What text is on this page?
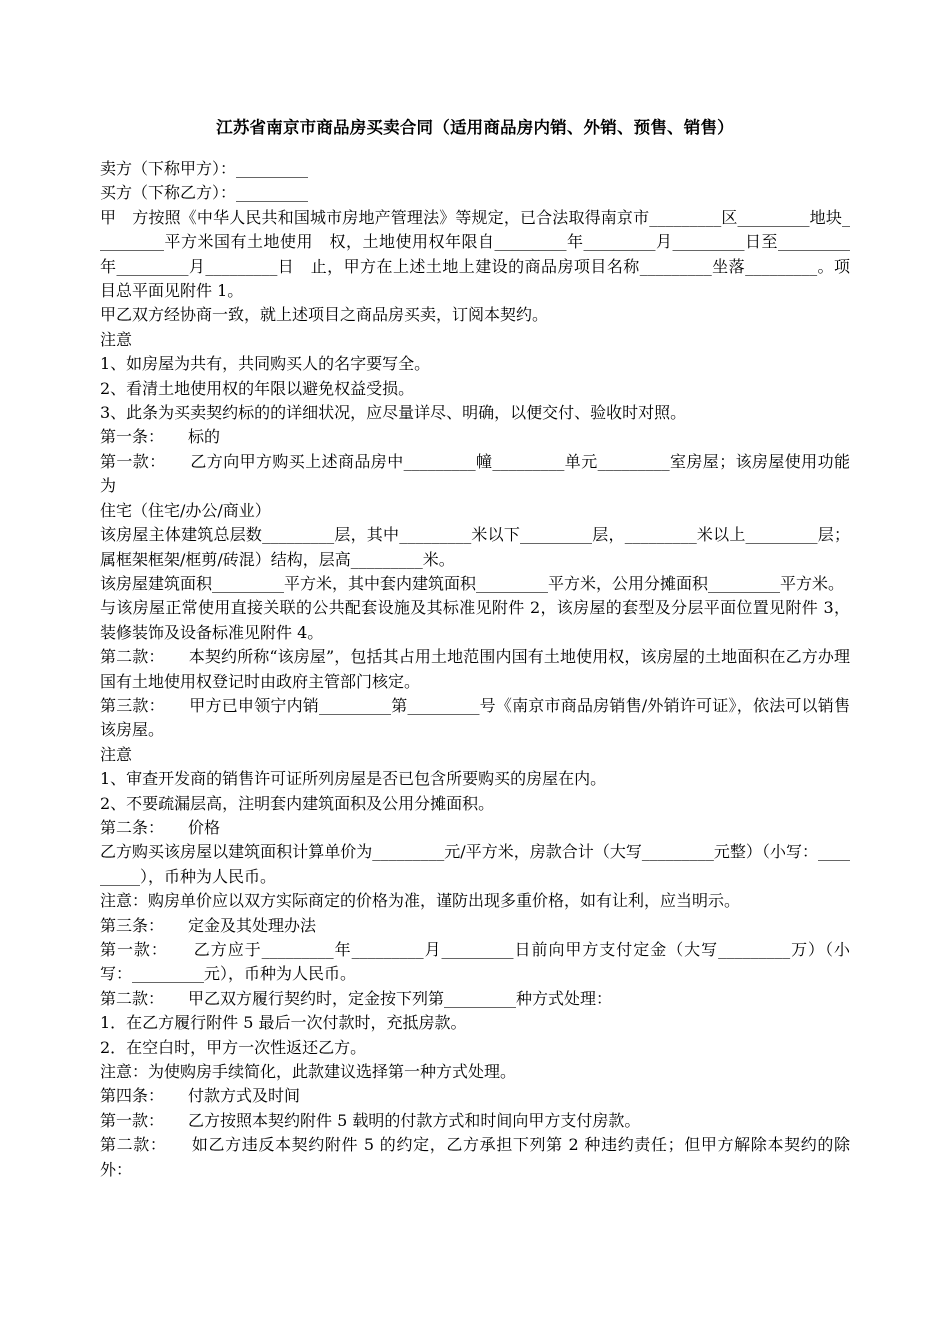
江苏省南京市商品房买卖合同（适用商品房内销、外销、预售、销售）

卖方（下称甲方）：_________

买方（下称乙方）：_________

甲　方按照《中华人民共和国城市房地产管理法》等规定，已合法取得南京市_________区_________地块_________平方米国有土地使用　权，土地使用权年限自_________年_________月_________日至_________年_________月_________日　止，甲方在上述土地上建设的商品房项目名称_________坐落_________。项目总平面见附件 1。

甲乙双方经协商一致，就上述项目之商品房买卖，订阅本契约。

注意

1、如房屋为共有，共同购买人的名字要写全。

2、看清土地使用权的年限以避免权益受损。

3、此条为买卖契约标的的详细状况，应尽量详尽、明确，以便交付、验收时对照。

第一条：　　标的

第一款：　　乙方向甲方购买上述商品房中_________幢_________单元_________室房屋；该房屋使用功能为

住宅（住宅/办公/商业）

该房屋主体建筑总层数_________层，其中_________米以下_________层，_________米以上_________层；属框架框架/框剪/砖混）结构，层高_________米。

该房屋建筑面积_________平方米，其中套内建筑面积_________平方米，公用分摊面积_________平方米。

与该房屋正常使用直接关联的公共配套设施及其标准见附件 2，该房屋的套型及分层平面位置见附件 3，装修装饰及设备标准见附件 4。

第二款：　　本契约所称“该房屋”，包括其占用土地范围内国有土地使用权，该房屋的土地面积在乙方办理国有土地使用权登记时由政府主管部门核定。

第三款：　　甲方已申领宁内销_________第_________号《南京市商品房销售/外销许可证》，依法可以销售该房屋。

注意

1、审查开发商的销售许可证所列房屋是否已包含所要购买的房屋在内。

2、不要疏漏层高，注明套内建筑面积及公用分摊面积。

第二条：　　价格

乙方购买该房屋以建筑面积计算单价为_________元/平方米，房款合计（大写_________元整）（小写：_________），币种为人民币。

注意：购房单价应以双方实际商定的价格为准，谨防出现多重价格，如有让利，应当明示。

第三条：　　定金及其处理办法

第一款：　　乙方应于_________年_________月_________日前向甲方支付定金（大写_________万）（小写：_________元），币种为人民币。

第二款：　　甲乙双方履行契约时，定金按下列第_________种方式处理：

1．在乙方履行附件 5 最后一次付款时，充抵房款。

2．在空白时，甲方一次性返还乙方。

注意：为使购房手续简化，此款建议选择第一种方式处理。

第四条：　　付款方式及时间

第一款：　　乙方按照本契约附件 5 载明的付款方式和时间向甲方支付房款。

第二款：　　如乙方违反本契约附件 5 的约定，乙方承担下列第 2 种违约责任；但甲方解除本契约的除外：
